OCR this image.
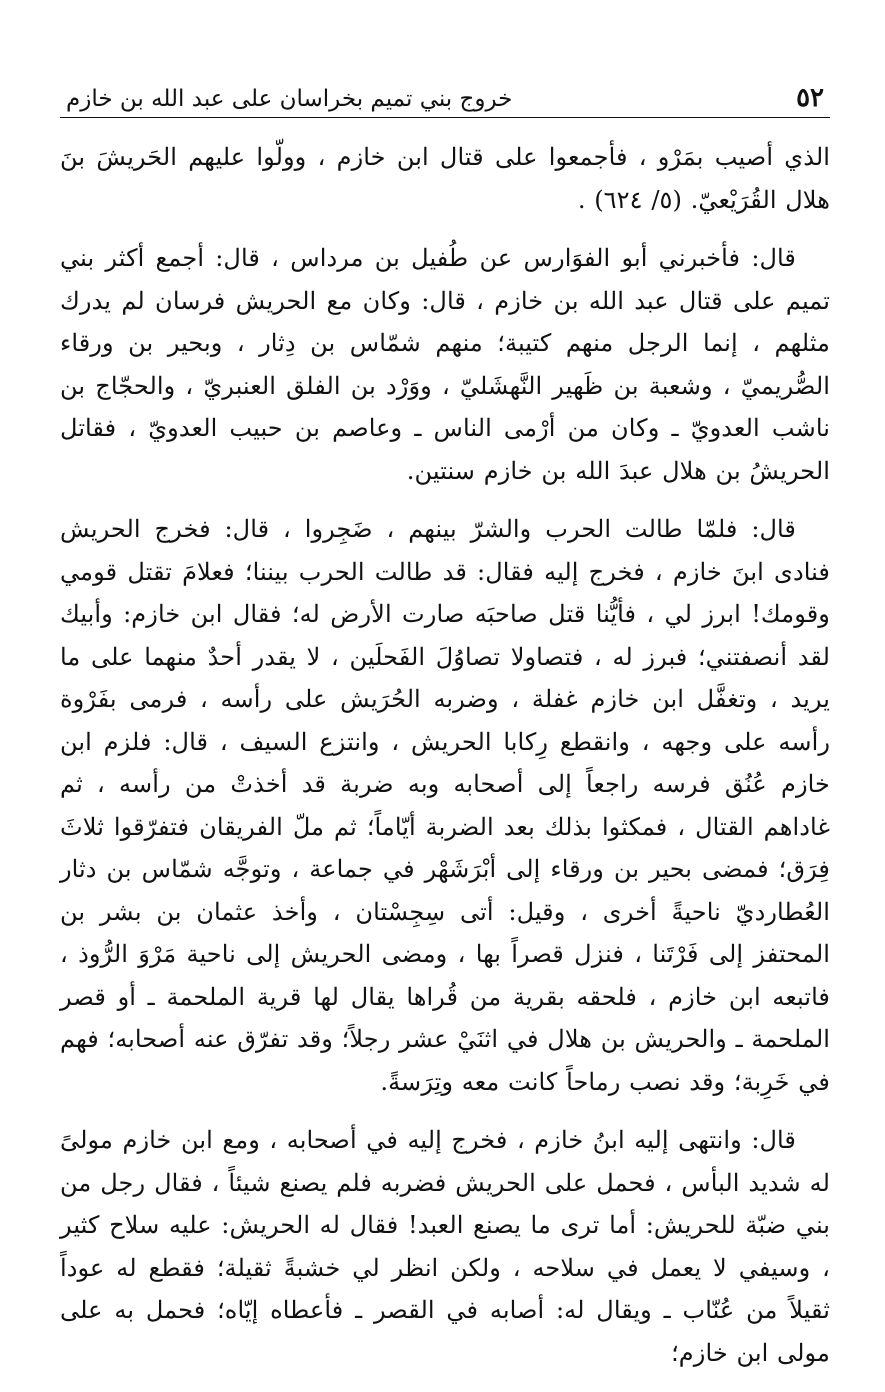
٥٢
خروج بني تميم بخراسان على عبد الله بن خازم

الذي أصيب بمَرْو ، فأجمعوا على قتال ابن خازم ، وولّوا عليهم الحَريشَ بنَ هلال القُرَيْعيّ. (٥/ ٦٢٤) .

قال: فأخبرني أبو الفوَارس عن طُفيل بن مرداس ، قال: أجمع أكثر بني تميم على قتال عبد الله بن خازم ، قال: وكان مع الحريش فرسان لم يدرك مثلهم ، إنما الرجل منهم كتيبة؛ منهم شمّاس بن دِثار ، وبحير بن ورقاء الصُّريميّ ، وشعبة بن ظَهير النَّهشَليّ ، ووَرْد بن الفلق العنبريّ ، والحجّاج بن ناشب العدويّ ـ وكان من أرْمى الناس ـ وعاصم بن حبيب العدويّ ، فقاتل الحريشُ بن هلال عبدَ الله بن خازم سنتين.

قال: فلمّا طالت الحرب والشرّ بينهم ، ضَجِروا ، قال: فخرج الحريش فنادى ابنَ خازم ، فخرج إليه فقال: قد طالت الحرب بيننا؛ فعلامَ تقتل قومي وقومك! ابرز لي ، فأيُّنا قتل صاحبَه صارت الأرض له؛ فقال ابن خازم: وأبيك لقد أنصفتني؛ فبرز له ، فتصاولا تصاوُلَ الفَحلَين ، لا يقدر أحدٌ منهما على ما يريد ، وتغفَّل ابن خازم غفلة ، وضربه الحُرَيش على رأسه ، فرمى بفَرْوة رأسه على وجهه ، وانقطع رِكابا الحريش ، وانتزع السيف ، قال: فلزم ابن خازم عُنُق فرسه راجعاً إلى أصحابه وبه ضربة قد أخذتْ من رأسه ، ثم غاداهم القتال ، فمكثوا بذلك بعد الضربة أيّاماً؛ ثم ملّ الفريقان فتفرّقوا ثلاثَ فِرَق؛ فمضى بحير بن ورقاء إلى أبْرَشَهْر في جماعة ، وتوجَّه شمّاس بن دثار العُطارديّ ناحيةً أخرى ، وقيل: أتى سِجِسْتان ، وأخذ عثمان بن بشر بن المحتفز إلى فَرْتَنا ، فنزل قصراً بها ، ومضى الحريش إلى ناحية مَرْوَ الرُّوذ ، فاتبعه ابن خازم ، فلحقه بقرية من قُراها يقال لها قرية الملحمة ـ أو قصر الملحمة ـ والحريش بن هلال في اثنَيْ عشر رجلاً؛ وقد تفرّق عنه أصحابه؛ فهم في خَرِبة؛ وقد نصب رماحاً كانت معه وتِرَسةً.

قال: وانتهى إليه ابنُ خازم ، فخرج إليه في أصحابه ، ومع ابن خازم مولىً له شديد البأس ، فحمل على الحريش فضربه فلم يصنع شيئاً ، فقال رجل من بني ضبّة للحريش: أما ترى ما يصنع العبد! فقال له الحريش: عليه سلاح كثير ، وسيفي لا يعمل في سلاحه ، ولكن انظر لي خشبةً ثقيلة؛ فقطع له عوداً ثقيلاً من عُنّاب ـ ويقال له: أصابه في القصر ـ فأعطاه إيّاه؛ فحمل به على مولى ابن خازم؛
